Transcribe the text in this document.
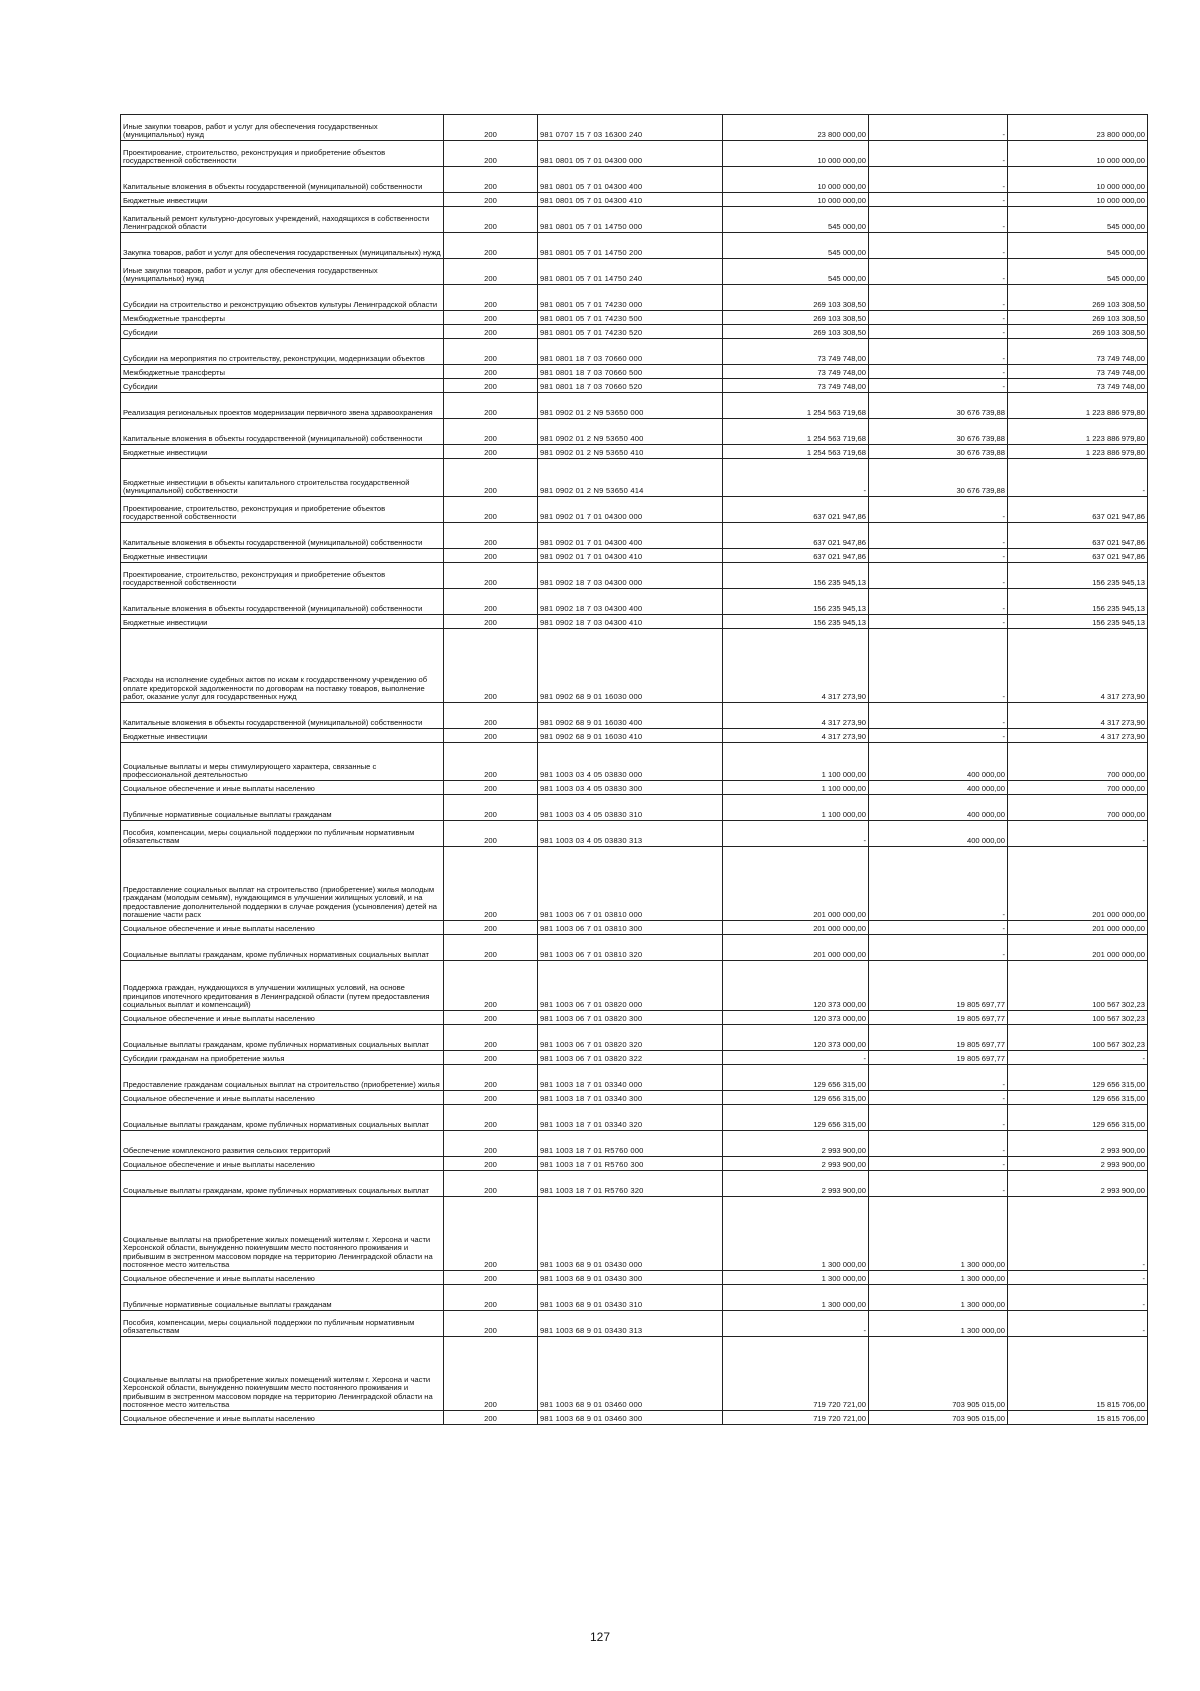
Иные закупки товаров, работ и услуг для обеспечения государственных (муниципальных) нужд	200	981 0707 15 7 03 16300 240	23 800 000,00	-	23 800 000,00
Проектирование, строительство, реконструкция и приобретение объектов государственной собственности	200	981 0801 05 7 01 04300 000	10 000 000,00	-	10 000 000,00
Капитальные вложения в объекты государственной (муниципальной) собственности	200	981 0801 05 7 01 04300 400	10 000 000,00	-	10 000 000,00
Бюджетные инвестиции	200	981 0801 05 7 01 04300 410	10 000 000,00	-	10 000 000,00
Капитальный ремонт культурно-досуговых учреждений, находящихся в собственности Ленинградской области	200	981 0801 05 7 01 14750 000	545 000,00	-	545 000,00
Закупка товаров, работ и услуг для обеспечения государственных (муниципальных) нужд	200	981 0801 05 7 01 14750 200	545 000,00	-	545 000,00
Иные закупки товаров, работ и услуг для обеспечения государственных (муниципальных) нужд	200	981 0801 05 7 01 14750 240	545 000,00	-	545 000,00
Субсидии на строительство и реконструкцию объектов культуры Ленинградской области	200	981 0801 05 7 01 74230 000	269 103 308,50	-	269 103 308,50
Межбюджетные трансферты	200	981 0801 05 7 01 74230 500	269 103 308,50	-	269 103 308,50
Субсидии	200	981 0801 05 7 01 74230 520	269 103 308,50	-	269 103 308,50
Субсидии на мероприятия по строительству, реконструкции, модернизации объектов	200	981 0801 18 7 03 70660 000	73 749 748,00	-	73 749 748,00
Межбюджетные трансферты	200	981 0801 18 7 03 70660 500	73 749 748,00	-	73 749 748,00
Субсидии	200	981 0801 18 7 03 70660 520	73 749 748,00	-	73 749 748,00
Реализация региональных проектов модернизации первичного звена здравоохранения	200	981 0902 01 2 N9 53650 000	1 254 563 719,68	30 676 739,88	1 223 886 979,80
Капитальные вложения в объекты государственной (муниципальной) собственности	200	981 0902 01 2 N9 53650 400	1 254 563 719,68	30 676 739,88	1 223 886 979,80
Бюджетные инвестиции	200	981 0902 01 2 N9 53650 410	1 254 563 719,68	30 676 739,88	1 223 886 979,80
Бюджетные инвестиции в объекты капитального строительства государственной (муниципальной) собственности	200	981 0902 01 2 N9 53650 414	-	30 676 739,88	-
Проектирование, строительство, реконструкция и приобретение объектов государственной собственности	200	981 0902 01 7 01 04300 000	637 021 947,86	-	637 021 947,86
Капитальные вложения в объекты государственной (муниципальной) собственности	200	981 0902 01 7 01 04300 400	637 021 947,86	-	637 021 947,86
Бюджетные инвестиции	200	981 0902 01 7 01 04300 410	637 021 947,86	-	637 021 947,86
Проектирование, строительство, реконструкция и приобретение объектов государственной собственности	200	981 0902 18 7 03 04300 000	156 235 945,13	-	156 235 945,13
Капитальные вложения в объекты государственной (муниципальной) собственности	200	981 0902 18 7 03 04300 400	156 235 945,13	-	156 235 945,13
Бюджетные инвестиции	200	981 0902 18 7 03 04300 410	156 235 945,13	-	156 235 945,13
Расходы на исполнение судебных актов по искам к государственному учреждению об оплате кредиторской задолженности по договорам на поставку товаров, выполнение работ, оказание услуг для государственных нужд	200	981 0902 68 9 01 16030 000	4 317 273,90	-	4 317 273,90
Капитальные вложения в объекты государственной (муниципальной) собственности	200	981 0902 68 9 01 16030 400	4 317 273,90	-	4 317 273,90
Бюджетные инвестиции	200	981 0902 68 9 01 16030 410	4 317 273,90	-	4 317 273,90
Социальные выплаты и меры стимулирующего характера, связанные с профессиональной деятельностью	200	981 1003 03 4 05 03830 000	1 100 000,00	400 000,00	700 000,00
Социальное обеспечение и иные выплаты населению	200	981 1003 03 4 05 03830 300	1 100 000,00	400 000,00	700 000,00
Публичные нормативные социальные выплаты гражданам	200	981 1003 03 4 05 03830 310	1 100 000,00	400 000,00	700 000,00
Пособия, компенсации, меры социальной поддержки по публичным нормативным обязательствам	200	981 1003 03 4 05 03830 313	-	400 000,00	-
Предоставление социальных выплат на строительство (приобретение) жилья молодым гражданам (молодым семьям), нуждающимся в улучшении жилищных условий, и на предоставление дополнительной поддержки в случае рождения (усыновления) детей на погашение части расх	200	981 1003 06 7 01 03810 000	201 000 000,00	-	201 000 000,00
Социальное обеспечение и иные выплаты населению	200	981 1003 06 7 01 03810 300	201 000 000,00	-	201 000 000,00
Социальные выплаты гражданам, кроме публичных нормативных социальных выплат	200	981 1003 06 7 01 03810 320	201 000 000,00	-	201 000 000,00
Поддержка граждан, нуждающихся в улучшении жилищных условий, на основе принципов ипотечного кредитования в Ленинградской области (путем предоставления социальных выплат и компенсаций)	200	981 1003 06 7 01 03820 000	120 373 000,00	19 805 697,77	100 567 302,23
Социальное обеспечение и иные выплаты населению	200	981 1003 06 7 01 03820 300	120 373 000,00	19 805 697,77	100 567 302,23
Социальные выплаты гражданам, кроме публичных нормативных социальных выплат	200	981 1003 06 7 01 03820 320	120 373 000,00	19 805 697,77	100 567 302,23
Субсидии гражданам на приобретение жилья	200	981 1003 06 7 01 03820 322	-	19 805 697,77	-
Предоставление гражданам социальных выплат на строительство (приобретение) жилья	200	981 1003 18 7 01 03340 000	129 656 315,00	-	129 656 315,00
Социальное обеспечение и иные выплаты населению	200	981 1003 18 7 01 03340 300	129 656 315,00	-	129 656 315,00
Социальные выплаты гражданам, кроме публичных нормативных социальных выплат	200	981 1003 18 7 01 03340 320	129 656 315,00	-	129 656 315,00
Обеспечение комплексного развития сельских территорий	200	981 1003 18 7 01 R5760 000	2 993 900,00	-	2 993 900,00
Социальное обеспечение и иные выплаты населению	200	981 1003 18 7 01 R5760 300	2 993 900,00	-	2 993 900,00
Социальные выплаты гражданам, кроме публичных нормативных социальных выплат	200	981 1003 18 7 01 R5760 320	2 993 900,00	-	2 993 900,00
Социальные выплаты на приобретение жилых помещений жителям г. Херсона и части Херсонской области, вынужденно покинувшим место постоянного проживания и прибывшим в экстренном массовом порядке на территорию Ленинградской области на постоянное место жительства	200	981 1003 68 9 01 03430 000	1 300 000,00	1 300 000,00	-
Социальное обеспечение и иные выплаты населению	200	981 1003 68 9 01 03430 300	1 300 000,00	1 300 000,00	-
Публичные нормативные социальные выплаты гражданам	200	981 1003 68 9 01 03430 310	1 300 000,00	1 300 000,00	-
Пособия, компенсации, меры социальной поддержки по публичным нормативным обязательствам	200	981 1003 68 9 01 03430 313	-	1 300 000,00	-
Социальные выплаты на приобретение жилых помещений жителям г. Херсона и части Херсонской области, вынужденно покинувшим место постоянного проживания и прибывшим в экстренном массовом порядке на территорию Ленинградской области на постоянное место жительства	200	981 1003 68 9 01 03460 000	719 720 721,00	703 905 015,00	15 815 706,00
Социальное обеспечение и иные выплаты населению	200	981 1003 68 9 01 03460 300	719 720 721,00	703 905 015,00	15 815 706,00
127
